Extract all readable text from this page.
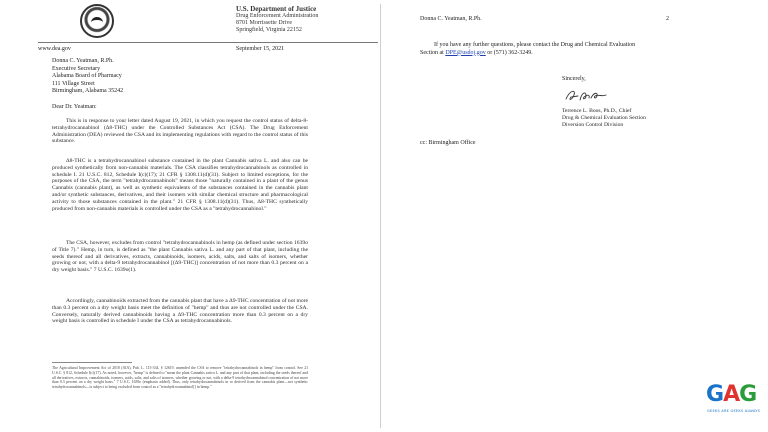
U.S. Department of Justice
Drug Enforcement Administration
8701 Morrissette Drive
Springfield, Virginia 22152
www.dea.gov	September 15, 2021
Donna C. Yeatman, R.Ph.
Executive Secretary
Alabama Board of Pharmacy
111 Village Street
Birmingham, Alabama 35242
Dear Dr. Yeatman:

This is in response to your letter dated August 19, 2021, in which you request the control status of delta-8-tetrahydrocannabinol (Δ8-THC) under the Controlled Substances Act (CSA). The Drug Enforcement Administration (DEA) reviewed the CSA and its implementing regulations with regard to the control status of this substance.

Δ8-THC is a tetrahydrocannabinol substance contained in the plant Cannabis sativa L. and also can be produced synthetically from non-cannabis materials. The CSA classifies tetrahydrocannabinols as controlled in schedule I. 21 U.S.C. 812, Schedule I(c)(17); 21 CFR § 1308.11(d)(31). Subject to limited exceptions, for the purposes of the CSA, the term "tetrahydrocannabinols" means those "naturally contained in a plant of the genus Cannabis (cannabis plant), as well as synthetic equivalents of the substances contained in the cannabis plant and/or synthetic substances, derivatives, and their isomers with similar chemical structure and pharmacological activity to those substances contained in the plant." 21 CFR § 1308.11(d)(31). Thus, Δ8-THC synthetically produced from non-cannabis materials is controlled under the CSA as a "tetrahydrocannabinol."

The CSA, however, excludes from control "tetrahydrocannabinols in hemp (as defined under section 1639o of Title 7)." Hemp, in turn, is defined as "the plant Cannabis sativa L. and any part of that plant, including the seeds thereof and all derivatives, extracts, cannabinoids, isomers, acids, salts, and salts of isomers, whether growing or not, with a delta-9 tetrahydrocannabinol [(Δ9-THC)] concentration of not more than 0.3 percent on a dry weight basis." 7 U.S.C. 1639o(1).

Accordingly, cannabinoids extracted from the cannabis plant that have a Δ9-THC concentration of not more than 0.3 percent on a dry weight basis meet the definition of "hemp" and thus are not controlled under the CSA. Conversely, naturally derived cannabinoids having a Δ9-THC concentration more than 0.3 percent on a dry weight basis is controlled in schedule I under the CSA as tetrahydrocannabinols.

The Agricultural Improvement Act of 2018 (AIA), Pub. L. 115-334, § 12619, amended the CSA to remove "tetrahydrocannabinols in hemp" from control. See 21 U.S.C. § 812, Schedule I(c)(17). As noted, however, "hemp" is defined to "mean the plant Cannabis sativa L. and any part of that plant, including the seeds thereof and all derivatives, extracts, cannabinoids, isomers, acids, salts, and salts of isomers, whether growing or not, with a delta-9 tetrahydrocannabinol concentration of not more than 0.3 percent on a dry weight basis." 7 U.S.C. 1639o (emphasis added). Thus, only tetrahydrocannabinols in or derived from the cannabis plant—not synthetic tetrahydrocannabinols—is subject to being excluded from control as a "tetrahydrocannabinol[] in hemp."

Donna C. Yeatman, R.Ph.	2

If you have any further questions, please contact the Drug and Chemical Evaluation Section at DPE@usdoj.gov or (571) 362-3249.

Sincerely,
Terrence L. Boos, Ph.D., Chief
Drug & Chemical Evaluation Section
Diversion Control Division
cc: Birmingham Office
GAG
GEEKS ARE GEEKS ALWAYS
